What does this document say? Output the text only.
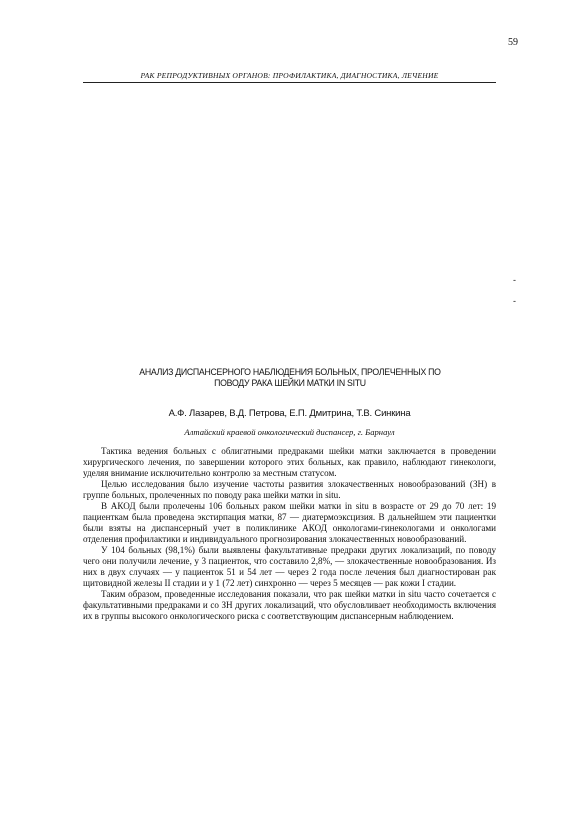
59
РАК РЕПРОДУКТИВНЫХ ОРГАНОВ: ПРОФИЛАКТИКА, ДИАГНОСТИКА, ЛЕЧЕНИЕ
-
-
АНАЛИЗ ДИСПАНСЕРНОГО НАБЛЮДЕНИЯ БОЛЬНЫХ, ПРОЛЕЧЕННЫХ ПО ПОВОДУ РАКА ШЕЙКИ МАТКИ IN SITU
А.Ф. Лазарев, В.Д. Петрова, Е.П. Дмитрина, Т.В. Синкина
Алтайский краевой онкологический диспансер, г. Барнаул

Тактика ведения больных с облигатными предраками шейки матки заключается в проведении хирургического лечения, по завершении которого этих больных, как правило, наблюдают гинекологи, уделяя внимание исключительно контролю за местным статусом.

Целью исследования было изучение частоты развития злокачественных новообразований (ЗН) в группе больных, пролеченных по поводу рака шейки матки in situ.

В АКОД были пролечены 106 больных раком шейки матки in situ в возрасте от 29 до 70 лет: 19 пациенткам была проведена экстирпация матки, 87 — диатермоэксцизия. В дальнейшем эти пациентки были взяты на диспансерный учет в поликлинике АКОД онкологами-гинекологами и онкологами отделения профилактики и индивидуального прогнозирования злокачественных новообразований.

У 104 больных (98,1%) были выявлены факультативные предраки других локализаций, по поводу чего они получили лечение, у 3 пациенток, что составило 2,8%, — злокачественные новообразования. Из них в двух случаях — у пациенток 51 и 54 лет — через 2 года после лечения был диагностирован рак щитовидной железы II стадии и у 1 (72 лет) синхронно — через 5 месяцев — рак кожи I стадии.

Таким образом, проведенные исследования показали, что рак шейки матки in situ часто сочетается с факультативными предраками и со ЗН других локализаций, что обусловливает необходимость включения их в группы высокого онкологического риска с соответствующим диспансерным наблюдением.
